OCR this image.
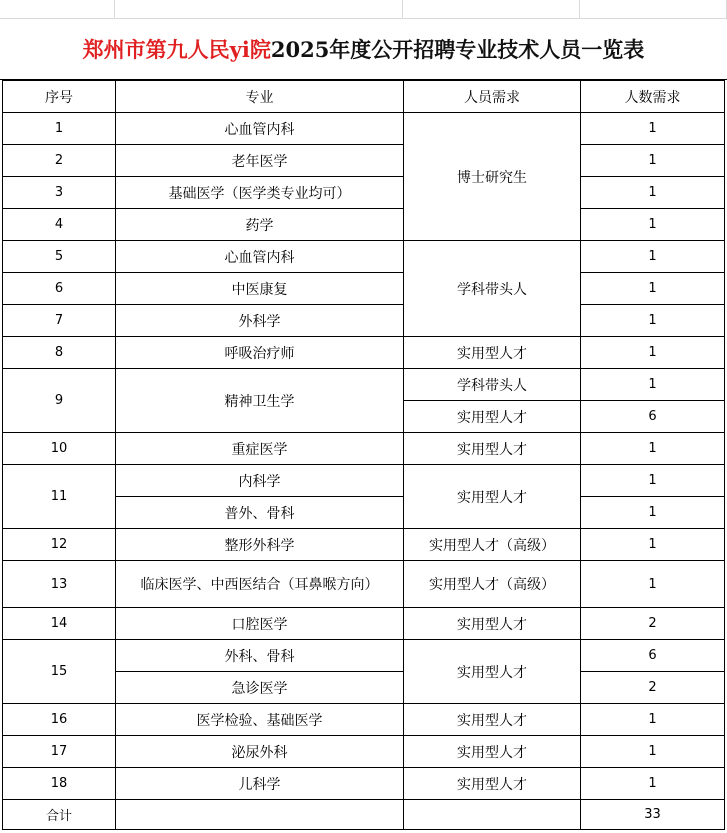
郑州市第九人民yi院 2025年度公开招聘专业技术人员一览表
序号	专业	人员需求	人数需求
1	心血管内科	博士研究生	1
2	老年医学		1
3	基础医学（医学类专业均可）		1
4	药学		1
5	心血管内科	学科带头人	1
6	中医康复		1
7	外科学		1
8	呼吸治疗师	实用型人才	1
9	精神卫生学	学科带头人	1
		实用型人才	6
10	重症医学	实用型人才	1
11	内科学	实用型人才	1
	普外、骨科		1
12	整形外科学	实用型人才（高级）	1
13	临床医学、中西医结合（耳鼻喉方向）	实用型人才（高级）	1
14	口腔医学	实用型人才	2
15	外科、骨科	实用型人才	6
	急诊医学		2
16	医学检验、基础医学	实用型人才	1
17	泌尿外科	实用型人才	1
18	儿科学	实用型人才	1
合计			33
